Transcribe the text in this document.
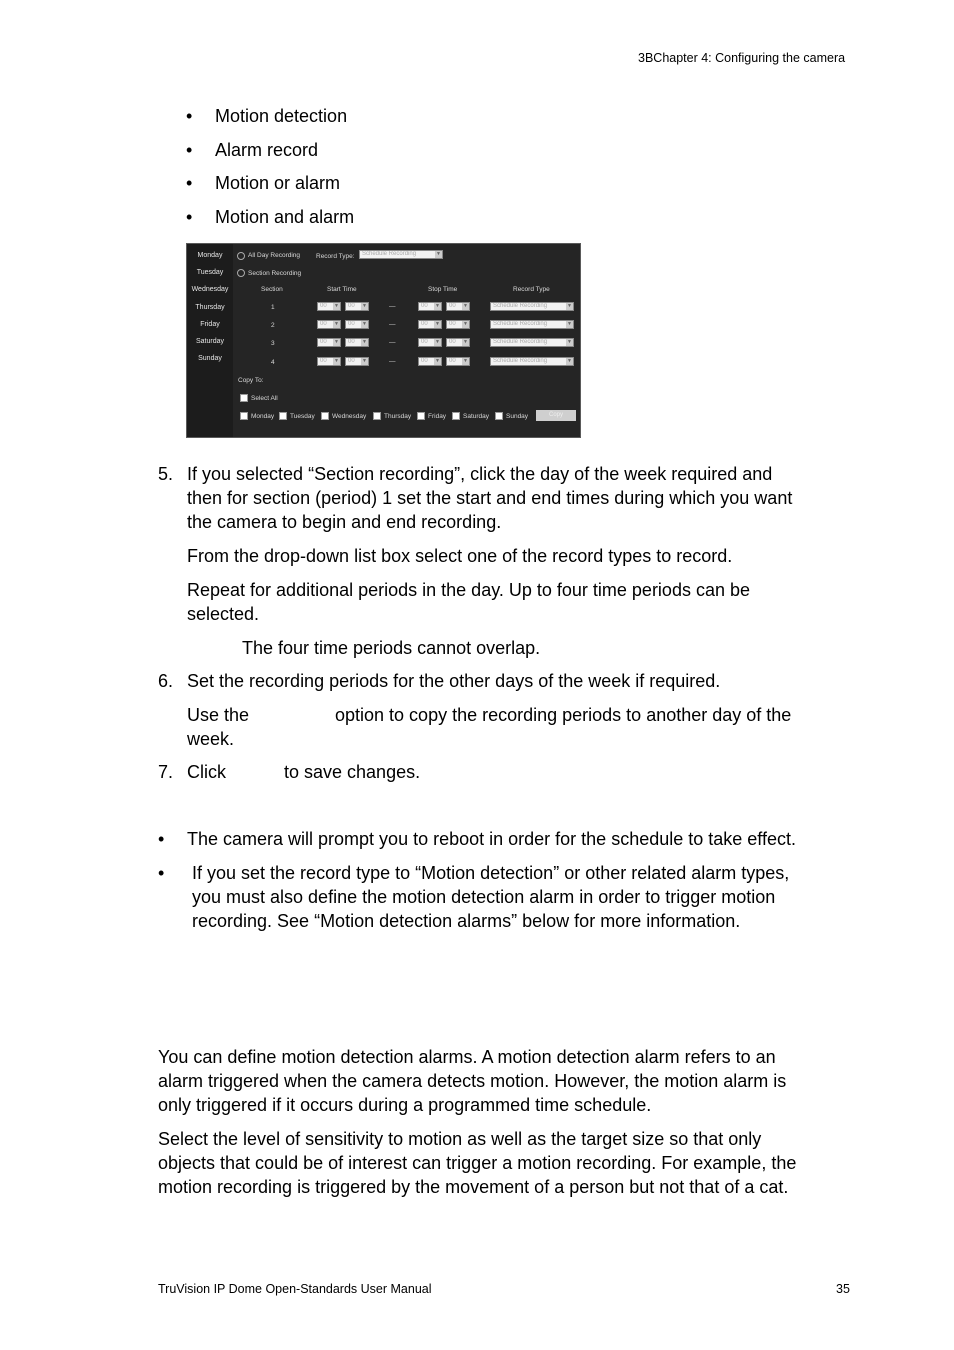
3BChapter 4: Configuring the camera
• Motion detection
• Alarm record
• Motion or alarm
• Motion and alarm
Monday
Tuesday
Wednesday
Thursday
Friday
Saturday
Sunday
All Day Recording Record Type:	Schedule Recording	▼
Section Recording
Section	Start Time	Stop Time	Record Type
1	00 ▼	00 ▼	—	00 ▼	00 ▼	Schedule Recording	▼
2	00 ▼	00 ▼	—	00 ▼	00 ▼	Schedule Recording	▼
3	00 ▼	00 ▼	—	00 ▼	00 ▼	Schedule Recording	▼
4	00 ▼	00 ▼	—	00 ▼	00 ▼	Schedule Recording	▼
Copy To:
Select All
Monday Tuesday	Wednesday	Thursday	Friday	Saturday	Sunday	Copy
5. If you selected “Section recording”, click the day of the week required and
then for section (period) 1 set the start and end times during which you want
the camera to begin and end recording.
From the drop-down list box select one of the record types to record.
Repeat for additional periods in the day. Up to four time periods can be
selected.
The four time periods cannot overlap.
6. Set the recording periods for the other days of the week if required.
Use the	option to copy the recording periods to another day of the
week.
7. Click	to save changes.
• The camera will prompt you to reboot in order for the schedule to take effect.
• If you set the record type to “Motion detection” or other related alarm types,
you must also define the motion detection alarm in order to trigger motion
recording. See “Motion detection alarms” below for more information.
You can define motion detection alarms. A motion detection alarm refers to an
alarm triggered when the camera detects motion. However, the motion alarm is
only triggered if it occurs during a programmed time schedule.
Select the level of sensitivity to motion as well as the target size so that only
objects that could be of interest can trigger a motion recording. For example, the
motion recording is triggered by the movement of a person but not that of a cat.
TruVision IP Dome Open-Standards User Manual	35
